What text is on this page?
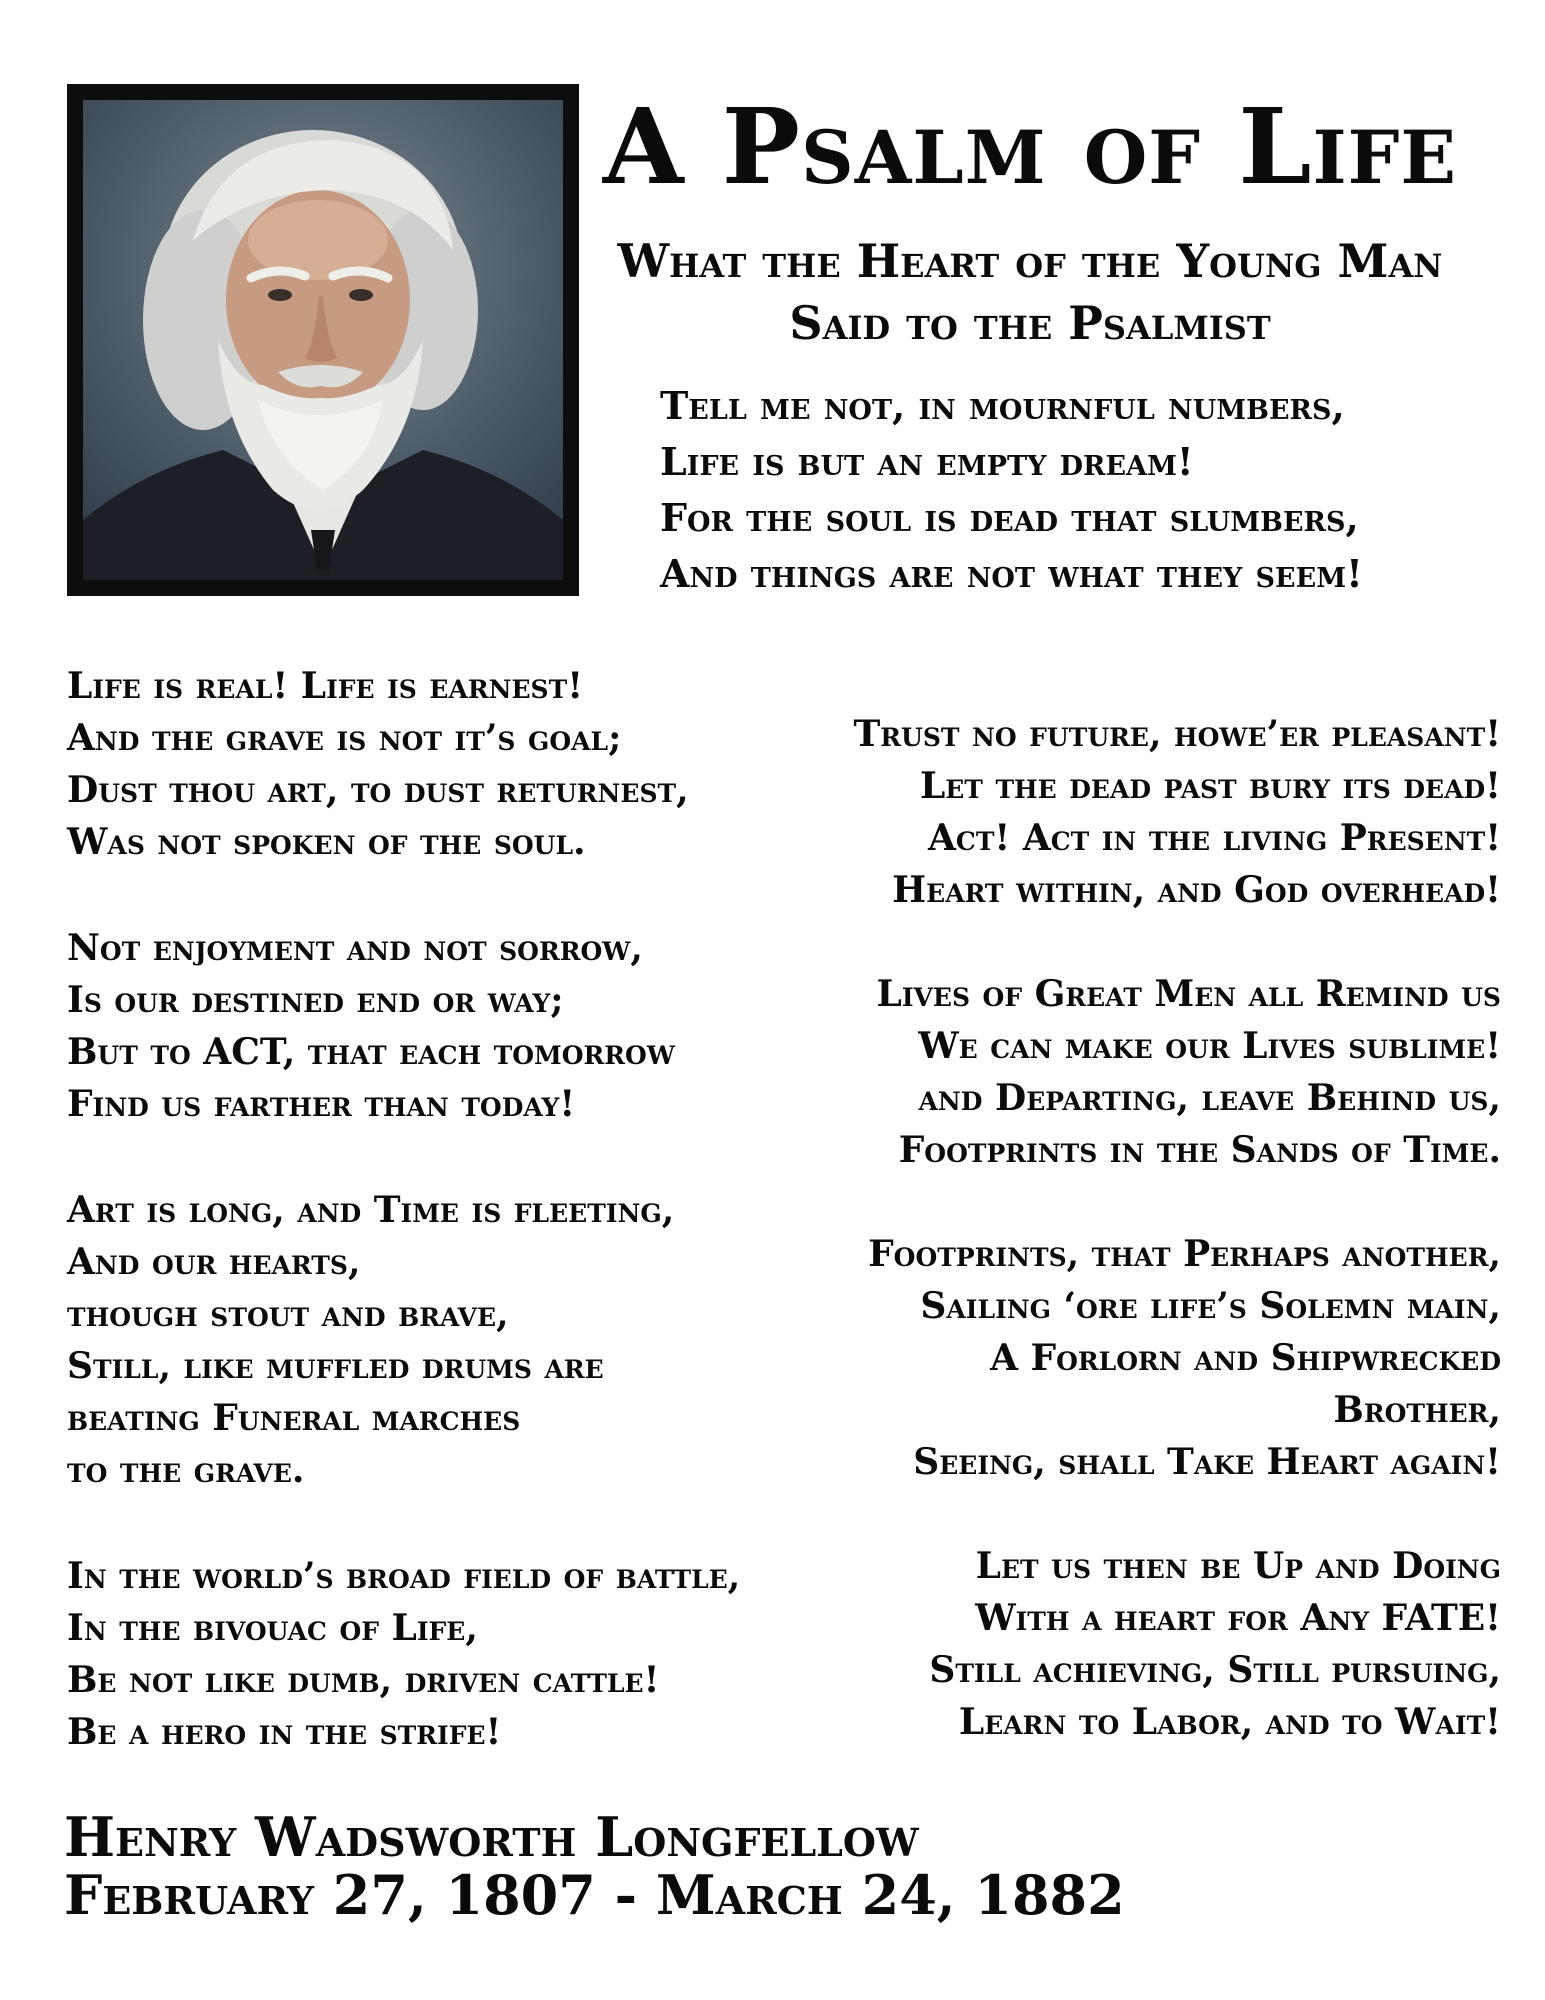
A Psalm of Life
What the Heart of the Young Man
Said to the Psalmist
Tell me not, in mournful numbers,
Life is but an empty dream!
For the soul is dead that slumbers,
And things are not what they seem!
Life is real! Life is earnest!
And the grave is not it’s goal;
Dust thou art, to dust returnest,
Was not spoken of the soul.
Not enjoyment and not sorrow,
Is our destined end or way;
But to ACT, that each tomorrow
Find us farther than today!
Art is long, and Time is fleeting,
And our hearts,
though stout and brave,
Still, like muffled drums are
beating Funeral marches
to the grave.
In the world’s broad field of battle,
In the bivouac of Life,
Be not like dumb, driven cattle!
Be a hero in the strife!
Trust no future, howe’er pleasant!
Let the dead past bury its dead!
Act! Act in the living Present!
Heart within, and God overhead!
Lives of Great Men all Remind us
We can make our Lives sublime!
and Departing, leave Behind us,
Footprints in the Sands of Time.
Footprints, that Perhaps another,
Sailing ‘ore life’s Solemn main,
A Forlorn and Shipwrecked
Brother,
Seeing, shall Take Heart again!
Let us then be Up and Doing
With a heart for Any FATE!
Still achieving, Still pursuing,
Learn to Labor, and to Wait!
Henry Wadsworth Longfellow
February 27, 1807 - March 24, 1882
